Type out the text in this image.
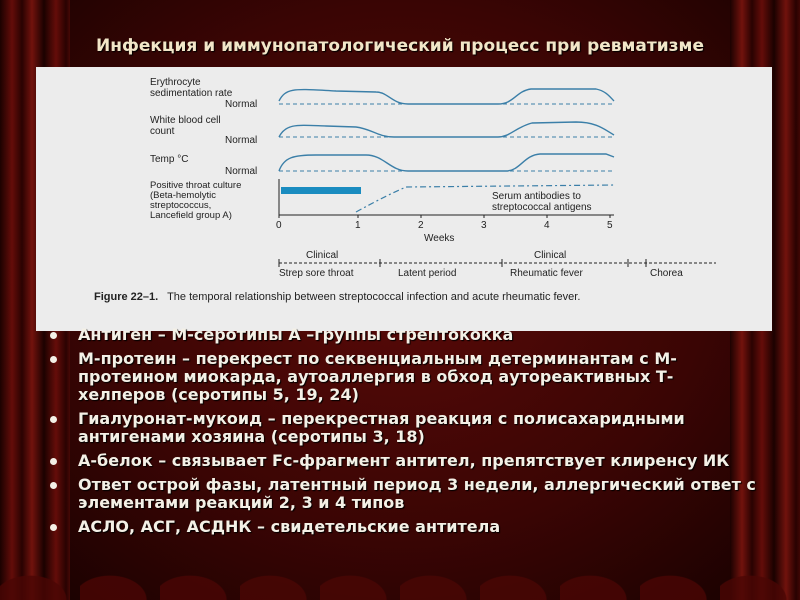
Инфекция и иммунопатологический процесс при ревматизме
Erythrocyte
sedimentation rate
Normal
White blood cell
count
Normal
Temp °C
Normal
Positive throat culture
(Beta-hemolytic
streptococcus,
Lancefield group A)
Serum antibodies to
streptococcal antigens
0	1	2	3	4	5
Weeks
Clinical	Clinical
Strep sore throat	Latent period	Rheumatic fever	Chorea
Figure 22–1. The temporal relationship between streptococcal infection and acute rheumatic fever.
Антиген – М-серотипы А –группы стрептококка
М-протеин – перекрест по секвенциальным детерминантам с М-протеином миокарда, аутоаллергия в обход аутореактивных Т-хелперов (серотипы 5, 19, 24)
Гиалуронат-мукоид – перекрестная реакция с полисахаридными антигенами хозяина (серотипы 3, 18)
А-белок – связывает Fc-фрагмент антител, препятствует клиренсу ИК
Ответ острой фазы, латентный период 3 недели, аллергический ответ с элементами реакций 2, 3 и 4 типов
АСЛО, АСГ, АСДНК – свидетельские антитела
